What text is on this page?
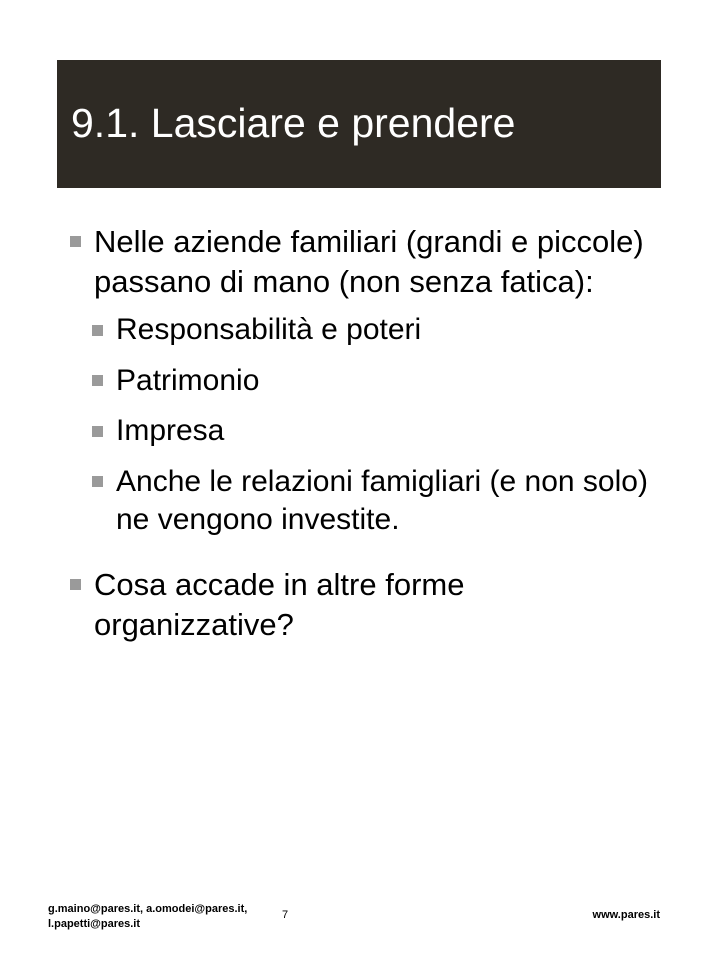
9.1. Lasciare e prendere
Nelle aziende familiari (grandi e piccole) passano di mano (non senza fatica):
Responsabilità e poteri
Patrimonio
Impresa
Anche le relazioni famigliari (e non solo) ne vengono investite.
Cosa accade in altre forme organizzative?
g.maino@pares.it, a.omodei@pares.it,
l.papetti@pares.it
7	www.pares.it
